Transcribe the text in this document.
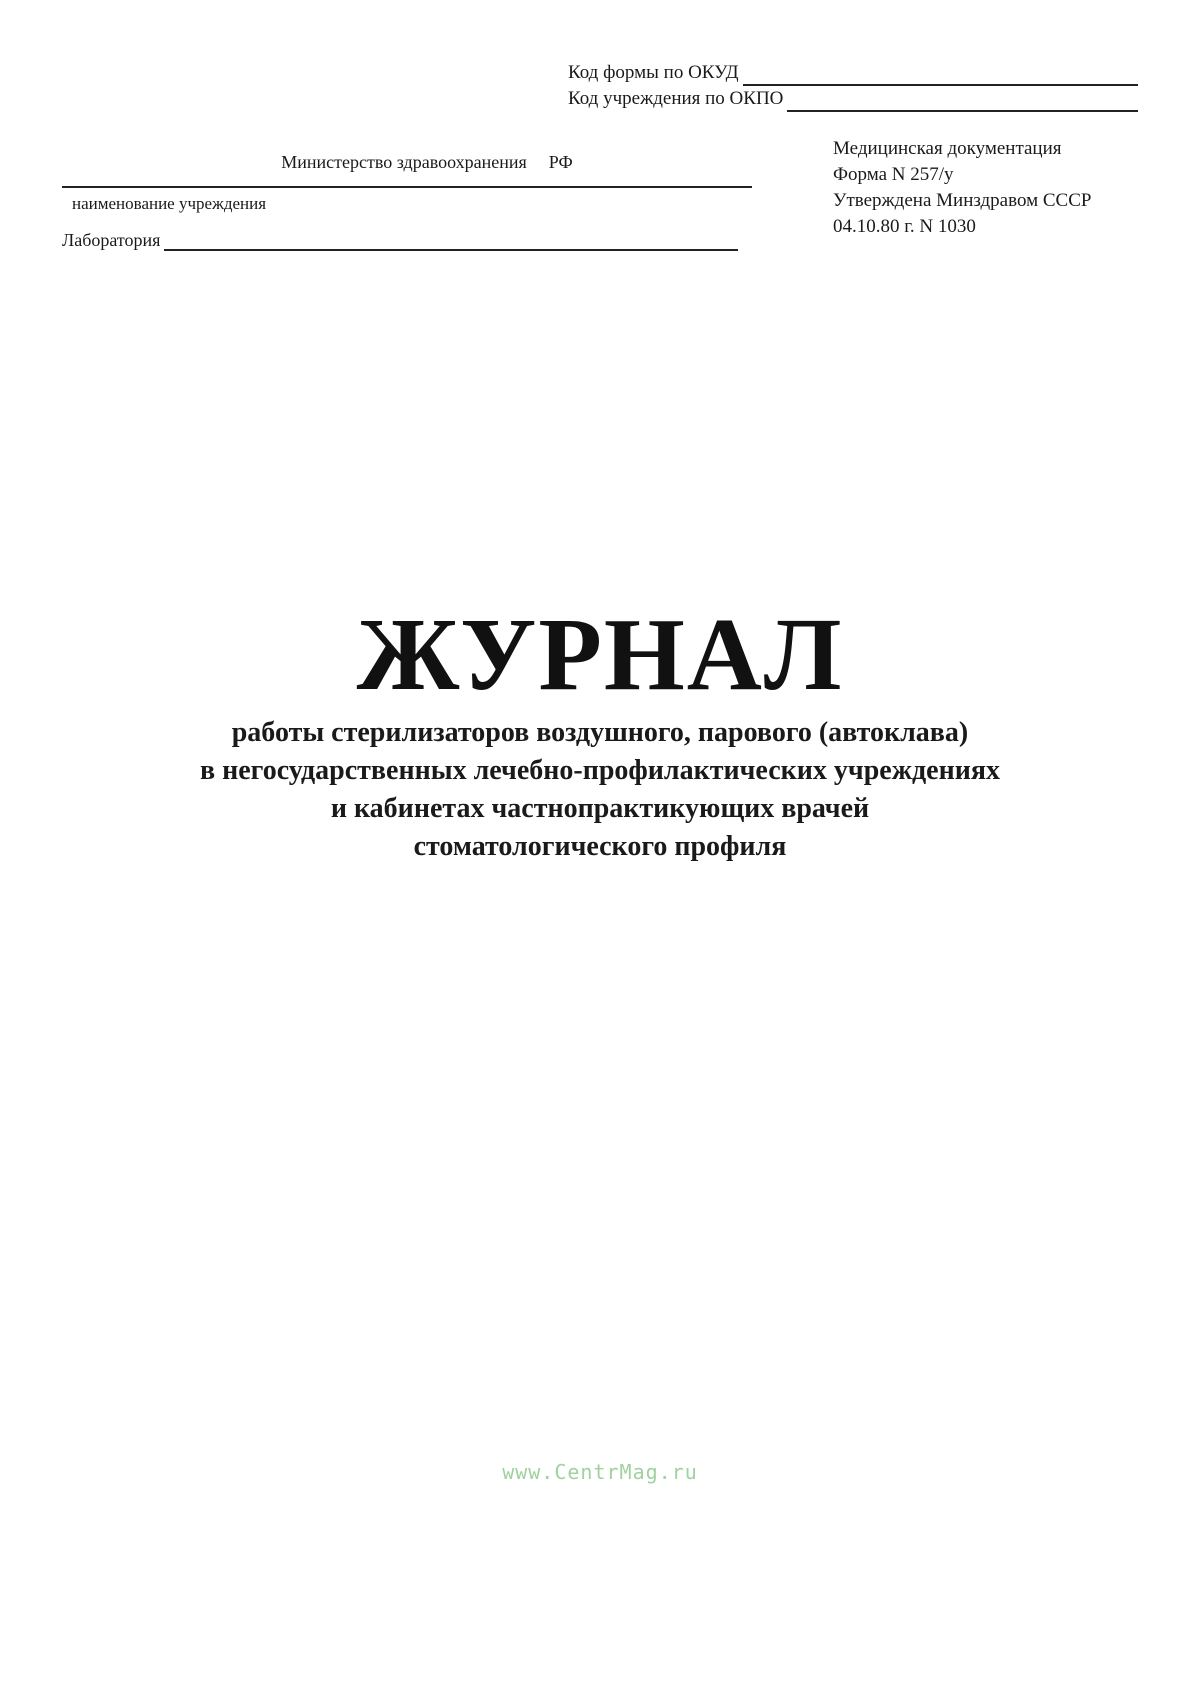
Код формы по ОКУД
Код учреждения по ОКПО
Министерство здравоохранения РФ
наименование учреждения
Лаборатория
Медицинская документация
Форма N 257/у
Утверждена Минздравом СССР
04.10.80 г. N 1030
ЖУРНАЛ
работы стерилизаторов воздушного, парового (автоклава)
в негосударственных лечебно-профилактических учреждениях
и кабинетах частнопрактикующих врачей
стоматологического профиля
www.CentrMag.ru
